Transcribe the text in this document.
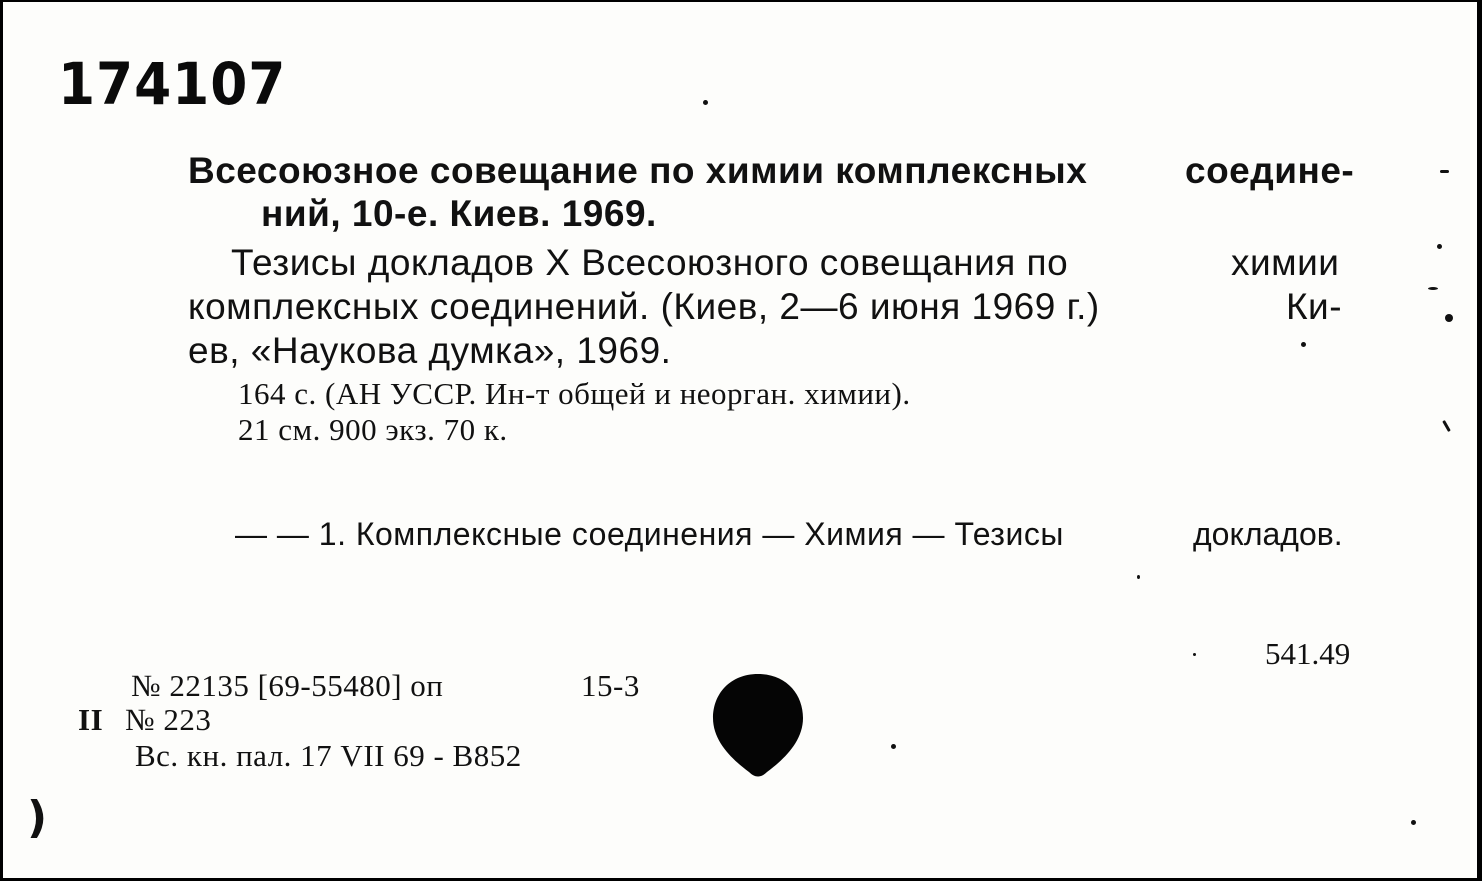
174107
Всесоюзное совещание по химии комплексных	соедине-
ний, 10-е. Киев. 1969.
Тезисы докладов X Всесоюзного совещания по	химии
комплексных соединений. (Киев, 2—6 июня 1969 г.)	Ки-
ев, «Наукова думка», 1969.
164 с. (АН УССР. Ин-т общей и неорган. химии).
21 см. 900 экз. 70 к.
— — 1. Комплексные соединения — Химия — Тезисы	докладов.
541.49
№ 22135 [69-55480] оп	15-3
II № 223
Вс. кн. пал. 17 VII 69 - В852
)
